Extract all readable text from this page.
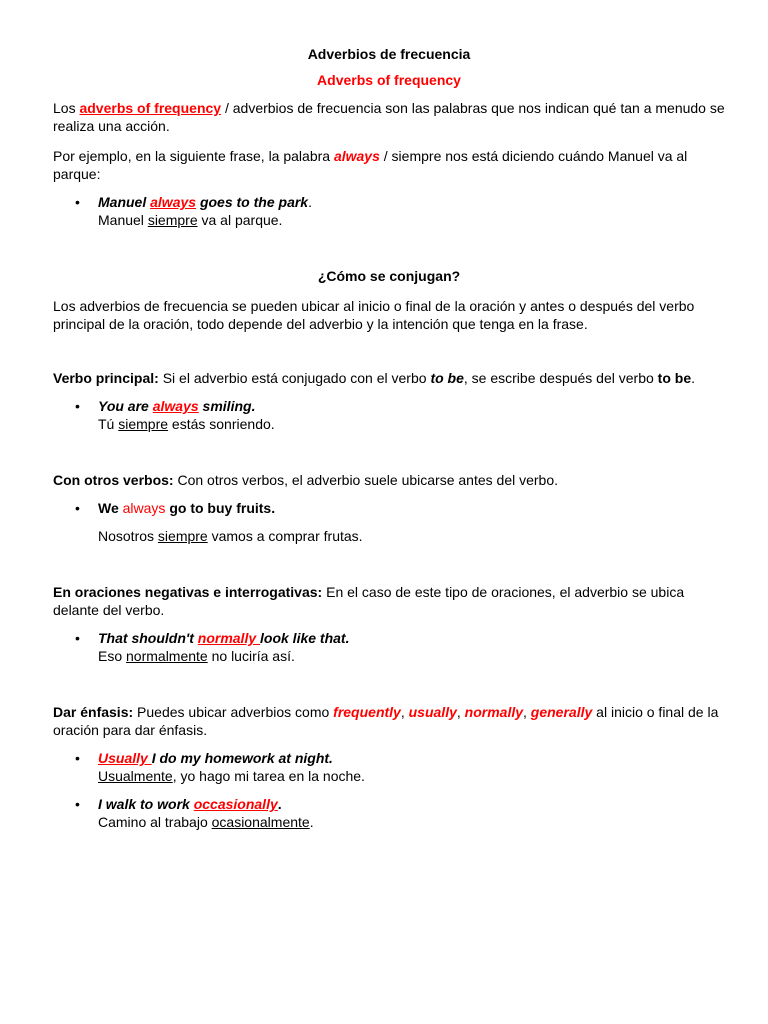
Adverbios de frecuencia

Adverbs of frequency

Los adverbs of frequency / adverbios de frecuencia son las palabras que nos indican qué tan a menudo se realiza una acción.

Por ejemplo, en la siguiente frase, la palabra always / siempre nos está diciendo cuándo Manuel va al parque:

• Manuel always goes to the park.
Manuel siempre va al parque.

¿Cómo se conjugan?

Los adverbios de frecuencia se pueden ubicar al inicio o final de la oración y antes o después del verbo principal de la oración, todo depende del adverbio y la intención que tenga en la frase.

Verbo principal: Si el adverbio está conjugado con el verbo to be, se escribe después del verbo to be.

• You are always smiling.
Tú siempre estás sonriendo.

Con otros verbos: Con otros verbos, el adverbio suele ubicarse antes del verbo.

• We always go to buy fruits.

Nosotros siempre vamos a comprar frutas.

En oraciones negativas e interrogativas: En el caso de este tipo de oraciones, el adverbio se ubica delante del verbo.

• That shouldn't normally look like that.
Eso normalmente no luciría así.

Dar énfasis: Puedes ubicar adverbios como frequently, usually, normally, generally al inicio o final de la oración para dar énfasis.

• Usually I do my homework at night.
Usualmente, yo hago mi tarea en la noche.
• I walk to work occasionally.
Camino al trabajo ocasionalmente.
